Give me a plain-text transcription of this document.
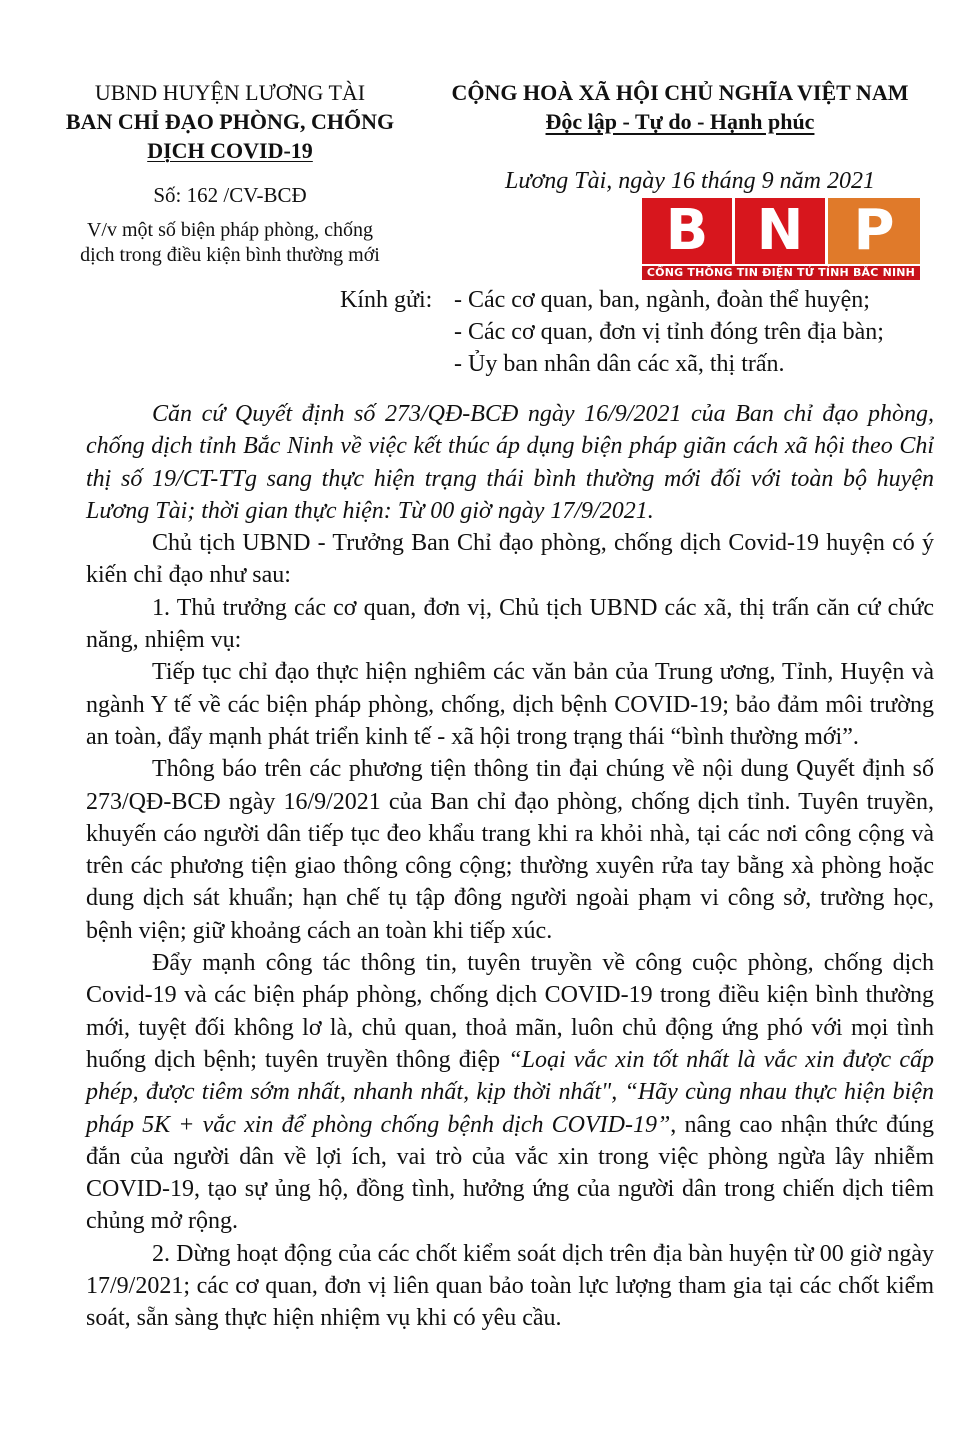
UBND HUYỆN LƯƠNG TÀI
BAN CHỈ ĐẠO PHÒNG, CHỐNG
DỊCH COVID-19
Số: 162 /CV-BCĐ
V/v một số biện pháp phòng, chống
dịch trong điều kiện bình thường mới
CỘNG HOÀ XÃ HỘI CHỦ NGHĨA VIỆT NAM
Độc lập - Tự do - Hạnh phúc
Lương Tài, ngày 16 tháng 9 năm 2021
B N P
CỔNG THÔNG TIN ĐIỆN TỬ TỈNH BẮC NINH
Kính gửi: - Các cơ quan, ban, ngành, đoàn thể huyện;
- Các cơ quan, đơn vị tỉnh đóng trên địa bàn;
- Ủy ban nhân dân các xã, thị trấn.

Căn cứ Quyết định số 273/QĐ-BCĐ ngày 16/9/2021 của Ban chỉ đạo phòng, chống dịch tỉnh Bắc Ninh về việc kết thúc áp dụng biện pháp giãn cách xã hội theo Chỉ thị số 19/CT-TTg sang thực hiện trạng thái bình thường mới đối với toàn bộ huyện Lương Tài; thời gian thực hiện: Từ 00 giờ ngày 17/9/2021.

Chủ tịch UBND - Trưởng Ban Chỉ đạo phòng, chống dịch Covid-19 huyện có ý kiến chỉ đạo như sau:

1. Thủ trưởng các cơ quan, đơn vị, Chủ tịch UBND các xã, thị trấn căn cứ chức năng, nhiệm vụ:

Tiếp tục chỉ đạo thực hiện nghiêm các văn bản của Trung ương, Tỉnh, Huyện và ngành Y tế về các biện pháp phòng, chống, dịch bệnh COVID-19; bảo đảm môi trường an toàn, đẩy mạnh phát triển kinh tế - xã hội trong trạng thái “bình thường mới”.

Thông báo trên các phương tiện thông tin đại chúng về nội dung Quyết định số 273/QĐ-BCĐ ngày 16/9/2021 của Ban chỉ đạo phòng, chống dịch tỉnh. Tuyên truyền, khuyến cáo người dân tiếp tục đeo khẩu trang khi ra khỏi nhà, tại các nơi công cộng và trên các phương tiện giao thông công cộng; thường xuyên rửa tay bằng xà phòng hoặc dung dịch sát khuẩn; hạn chế tụ tập đông người ngoài phạm vi công sở, trường học, bệnh viện; giữ khoảng cách an toàn khi tiếp xúc.

Đẩy mạnh công tác thông tin, tuyên truyền về công cuộc phòng, chống dịch Covid-19 và các biện pháp phòng, chống dịch COVID-19 trong điều kiện bình thường mới, tuyệt đối không lơ là, chủ quan, thoả mãn, luôn chủ động ứng phó với mọi tình huống dịch bệnh; tuyên truyền thông điệp “Loại vắc xin tốt nhất là vắc xin được cấp phép, được tiêm sớm nhất, nhanh nhất, kịp thời nhất", “Hãy cùng nhau thực hiện biện pháp 5K + vắc xin để phòng chống bệnh dịch COVID-19”, nâng cao nhận thức đúng đắn của người dân về lợi ích, vai trò của vắc xin trong việc phòng ngừa lây nhiễm COVID-19, tạo sự ủng hộ, đồng tình, hưởng ứng của người dân trong chiến dịch tiêm chủng mở rộng.

2. Dừng hoạt động của các chốt kiểm soát dịch trên địa bàn huyện từ 00 giờ ngày 17/9/2021; các cơ quan, đơn vị liên quan bảo toàn lực lượng tham gia tại các chốt kiểm soát, sẵn sàng thực hiện nhiệm vụ khi có yêu cầu.
